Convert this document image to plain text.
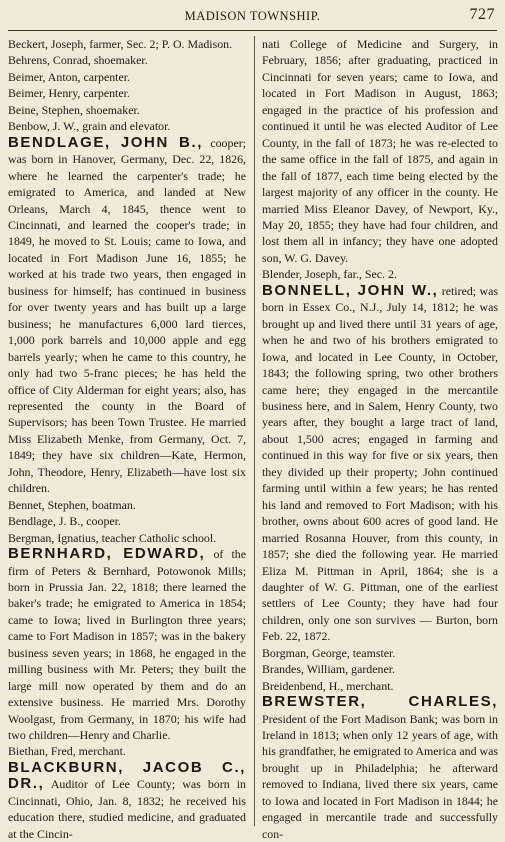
MADISON TOWNSHIP.	727

Beckert, Joseph, farmer, Sec. 2; P. O. Madison.

Behrens, Conrad, shoemaker.

Beimer, Anton, carpenter.

Beimer, Henry, carpenter.

Beine, Stephen, shoemaker.

Benbow, J. W., grain and elevator.

BENDLAGE, JOHN B., cooper; was born in Hanover, Germany, Dec. 22, 1826, where he learned the carpenter's trade; he emigrated to America, and landed at New Orleans, March 4, 1845, thence went to Cincinnati, and learned the cooper's trade; in 1849, he moved to St. Louis; came to Iowa, and located in Fort Madison June 16, 1855; he worked at his trade two years, then engaged in business for himself; has continued in business for over twenty years and has built up a large business; he manufactures 6,000 lard tierces, 1,000 pork barrels and 10,000 apple and egg barrels yearly; when he came to this country, he only had two 5-franc pieces; he has held the office of City Alderman for eight years; also, has represented the county in the Board of Supervisors; has been Town Trustee. He married Miss Elizabeth Menke, from Germany, Oct. 7, 1849; they have six children—Kate, Hermon, John, Theodore, Henry, Elizabeth—have lost six children.

Bennet, Stephen, boatman.

Bendlage, J. B., cooper.

Bergman, Ignatius, teacher Catholic school.

BERNHARD, EDWARD, of the firm of Peters & Bernhard, Potowonok Mills; born in Prussia Jan. 22, 1818; there learned the baker's trade; he emigrated to America in 1854; came to Iowa; lived in Burlington three years; came to Fort Madison in 1857; was in the bakery business seven years; in 1868, he engaged in the milling business with Mr. Peters; they built the large mill now operated by them and do an extensive business. He married Mrs. Dorothy Woolgast, from Germany, in 1870; his wife had two children—Henry and Charlie.

Biethan, Fred, merchant.

BLACKBURN, JACOB C., DR., Auditor of Lee County; was born in Cincinnati, Ohio, Jan. 8, 1832; he received his education there, studied medicine, and graduated at the Cincin-

nati College of Medicine and Surgery, in February, 1856; after graduating, practiced in Cincinnati for seven years; came to Iowa, and located in Fort Madison in August, 1863; engaged in the practice of his profession and continued it until he was elected Auditor of Lee County, in the fall of 1873; he was re-elected to the same office in the fall of 1875, and again in the fall of 1877, each time being elected by the largest majority of any officer in the county. He married Miss Eleanor Davey, of Newport, Ky., May 20, 1855; they have had four children, and lost them all in infancy; they have one adopted son, W. G. Davey.

Blender, Joseph, far., Sec. 2.

BONNELL, JOHN W., retired; was born in Essex Co., N.J., July 14, 1812; he was brought up and lived there until 31 years of age, when he and two of his brothers emigrated to Iowa, and located in Lee County, in October, 1843; the following spring, two other brothers came here; they engaged in the mercantile business here, and in Salem, Henry County, two years after, they bought a large tract of land, about 1,500 acres; engaged in farming and continued in this way for five or six years, then they divided up their property; John continued farming until within a few years; he has rented his land and removed to Fort Madison; with his brother, owns about 600 acres of good land. He married Rosanna Houver, from this county, in 1857; she died the following year. He married Eliza M. Pittman in April, 1864; she is a daughter of W. G. Pittman, one of the earliest settlers of Lee County; they have had four children, only one son survives — Burton, born Feb. 22, 1872.

Borgman, George, teamster.

Brandes, William, gardener.

Breidenbend, H., merchant.

BREWSTER, CHARLES, President of the Fort Madison Bank; was born in Ireland in 1813; when only 12 years of age, with his grandfather, he emigrated to America and was brought up in Philadelphia; he afterward removed to Indiana, lived there six years, came to Iowa and located in Fort Madison in 1844; he engaged in mercantile trade and successfully con-
